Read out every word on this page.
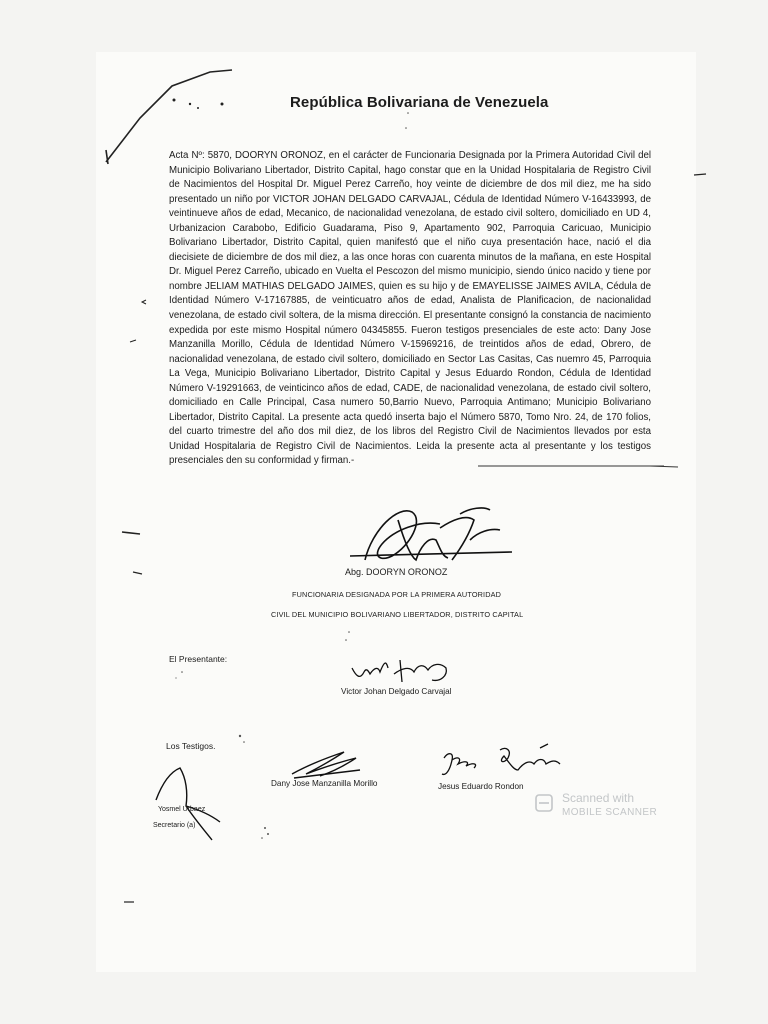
República Bolivariana de Venezuela
Acta Nº: 5870, DOORYN ORONOZ, en el carácter de Funcionaria Designada por la Primera Autoridad Civil del Municipio Bolivariano Libertador, Distrito Capital, hago constar que en la Unidad Hospitalaria de Registro Civil de Nacimientos del Hospital Dr. Miguel Perez Carreño, hoy veinte de diciembre de dos mil diez, me ha sido presentado un niño por VICTOR JOHAN DELGADO CARVAJAL, Cédula de Identidad Número V-16433993, de veintinueve años de edad, Mecanico, de nacionalidad venezolana, de estado civil soltero, domiciliado en UD 4, Urbanizacion Carabobo, Edificio Guadarama, Piso 9, Apartamento 902, Parroquia Caricuao, Municipio Bolivariano Libertador, Distrito Capital, quien manifestó que el niño cuya presentación hace, nació el dia diecisiete de diciembre de dos mil diez, a las once horas con cuarenta minutos de la mañana, en este Hospital Dr. Miguel Perez Carreño, ubicado en Vuelta el Pescozon del mismo municipio, siendo único nacido y tiene por nombre JELIAM MATHIAS DELGADO JAIMES, quien es su hijo y de EMAYELISSE JAIMES AVILA, Cédula de Identidad Número V-17167885, de veinticuatro años de edad, Analista de Planificacion, de nacionalidad venezolana, de estado civil soltera, de la misma dirección. El presentante consignó la constancia de nacimiento expedida por este mismo Hospital número 04345855. Fueron testigos presenciales de este acto: Dany Jose Manzanilla Morillo, Cédula de Identidad Número V-15969216, de treintidos años de edad, Obrero, de nacionalidad venezolana, de estado civil soltero, domiciliado en Sector Las Casitas, Cas nuemro 45, Parroquia La Vega, Municipio Bolivariano Libertador, Distrito Capital y Jesus Eduardo Rondon, Cédula de Identidad Número V-19291663, de veinticinco años de edad, CADE, de nacionalidad venezolana, de estado civil soltero, domiciliado en Calle Principal, Casa numero 50,Barrio Nuevo, Parroquia Antimano; Municipio Bolivariano Libertador, Distrito Capital. La presente acta quedó inserta bajo el Número 5870, Tomo Nro. 24, de 170 folios, del cuarto trimestre del año dos mil diez, de los libros del Registro Civil de Nacimientos llevados por esta Unidad Hospitalaria de Registro Civil de Nacimientos. Leida la presente acta al presentante y los testigos presenciales den su conformidad y firman.-
Abg. DOORYN ORONOZ
FUNCIONARIA DESIGNADA POR LA PRIMERA AUTORIDAD
CIVIL DEL MUNICIPIO BOLIVARIANO LIBERTADOR, DISTRITO CAPITAL
El Presentante:
Victor Johan Delgado Carvajal
Los Testigos.
Dany Jose Manzanilla Morillo	Jesus Eduardo Rondon
Yosmel Urbaez
Secretario (a)
Scanned with
MOBILE SCANNER
